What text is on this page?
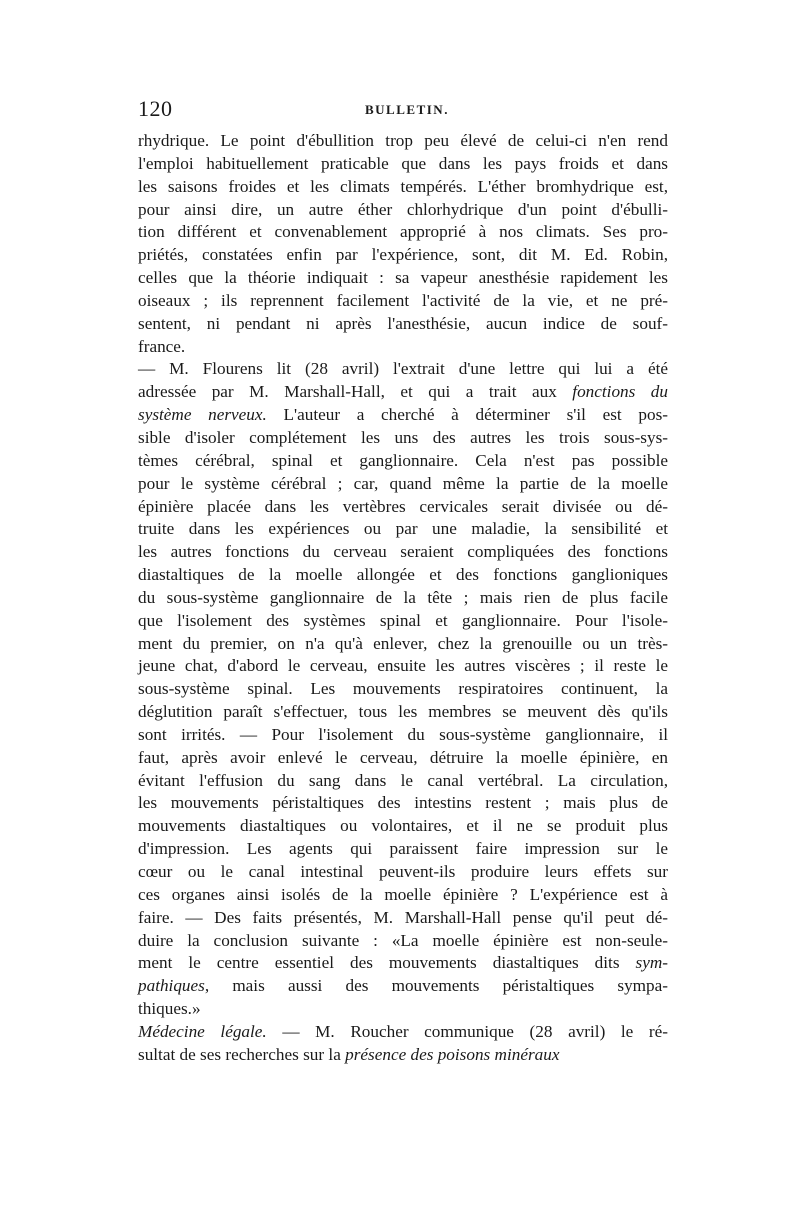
120	BULLETIN.
rhydrique. Le point d'ébullition trop peu élevé de celui-ci n'en rend
l'emploi habituellement praticable que dans les pays froids et dans
les saisons froides et les climats tempérés. L'éther bromhydrique est,
pour ainsi dire, un autre éther chlorhydrique d'un point d'ébulli-
tion différent et convenablement approprié à nos climats. Ses pro-
priétés, constatées enfin par l'expérience, sont, dit M. Ed. Robin,
celles que la théorie indiquait : sa vapeur anesthésie rapidement les
oiseaux ; ils reprennent facilement l'activité de la vie, et ne pré-
sentent, ni pendant ni après l'anesthésie, aucun indice de souf-
france.
— M. Flourens lit (28 avril) l'extrait d'une lettre qui lui a été
adressée par M. Marshall-Hall, et qui a trait aux fonctions du
système nerveux. L'auteur a cherché à déterminer s'il est pos-
sible d'isoler complétement les uns des autres les trois sous-sys-
tèmes cérébral, spinal et ganglionnaire. Cela n'est pas possible
pour le système cérébral ; car, quand même la partie de la moelle
épinière placée dans les vertèbres cervicales serait divisée ou dé-
truite dans les expériences ou par une maladie, la sensibilité et
les autres fonctions du cerveau seraient compliquées des fonctions
diastaltiques de la moelle allongée et des fonctions ganglioniques
du sous-système ganglionnaire de la tête ; mais rien de plus facile
que l'isolement des systèmes spinal et ganglionnaire. Pour l'isole-
ment du premier, on n'a qu'à enlever, chez la grenouille ou un très-
jeune chat, d'abord le cerveau, ensuite les autres viscères ; il reste le
sous-système spinal. Les mouvements respiratoires continuent, la
déglutition paraît s'effectuer, tous les membres se meuvent dès qu'ils
sont irrités. — Pour l'isolement du sous-système ganglionnaire, il
faut, après avoir enlevé le cerveau, détruire la moelle épinière, en
évitant l'effusion du sang dans le canal vertébral. La circulation,
les mouvements péristaltiques des intestins restent ; mais plus de
mouvements diastaltiques ou volontaires, et il ne se produit plus
d'impression. Les agents qui paraissent faire impression sur le
cœur ou le canal intestinal peuvent-ils produire leurs effets sur
ces organes ainsi isolés de la moelle épinière ? L'expérience est à
faire. — Des faits présentés, M. Marshall-Hall pense qu'il peut dé-
duire la conclusion suivante : «La moelle épinière est non-seule-
ment le centre essentiel des mouvements diastaltiques dits sym-
pathiques, mais aussi des mouvements péristaltiques sympa-
thiques.»
Médecine légale. — M. Roucher communique (28 avril) le ré-
sultat de ses recherches sur la présence des poisons minéraux
